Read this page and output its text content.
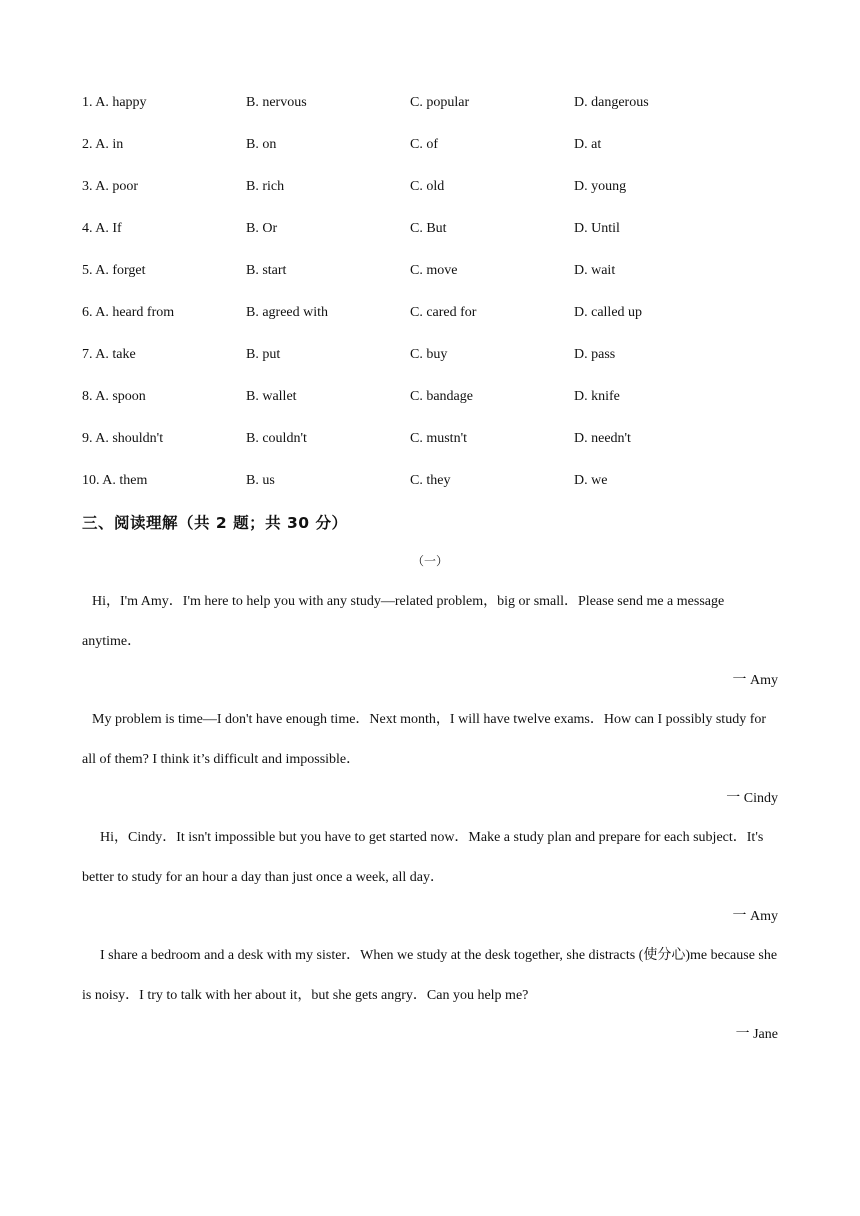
1. A. happy	B. nervous	C. popular	D. dangerous
2. A. in	B. on	C. of	D. at
3. A. poor	B. rich	C. old	D. young
4. A. If	B. Or	C. But	D. Until
5. A. forget	B. start	C. move	D. wait
6. A. heard from	B. agreed with	C. cared for	D. called up
7. A. take	B. put	C. buy	D. pass
8. A. spoon	B. wallet	C. bandage	D. knife
9. A. shouldn't	B. couldn't	C. mustn't	D. needn't
10. A. them	B. us	C. they	D. we
三、阅读理解（共 2 题；共 30 分）
（一）
Hi，I'm Amy．I'm here to help you with any study—related problem，big or small．Please send me a message anytime．
一 Amy
My problem is time—I don't have enough time．Next month，I will have twelve exams．How can I possibly study for all of them? I think it’s difficult and impossible．
一 Cindy
Hi，Cindy．It isn't impossible but you have to get started now．Make a study plan and prepare for each subject．It's better to study for an hour a day than just once a week, all day．
一 Amy
I share a bedroom and a desk with my sister．When we study at the desk together, she distracts (使分心)me because she is noisy．I try to talk with her about it，but she gets angry．Can you help me?
一 Jane
